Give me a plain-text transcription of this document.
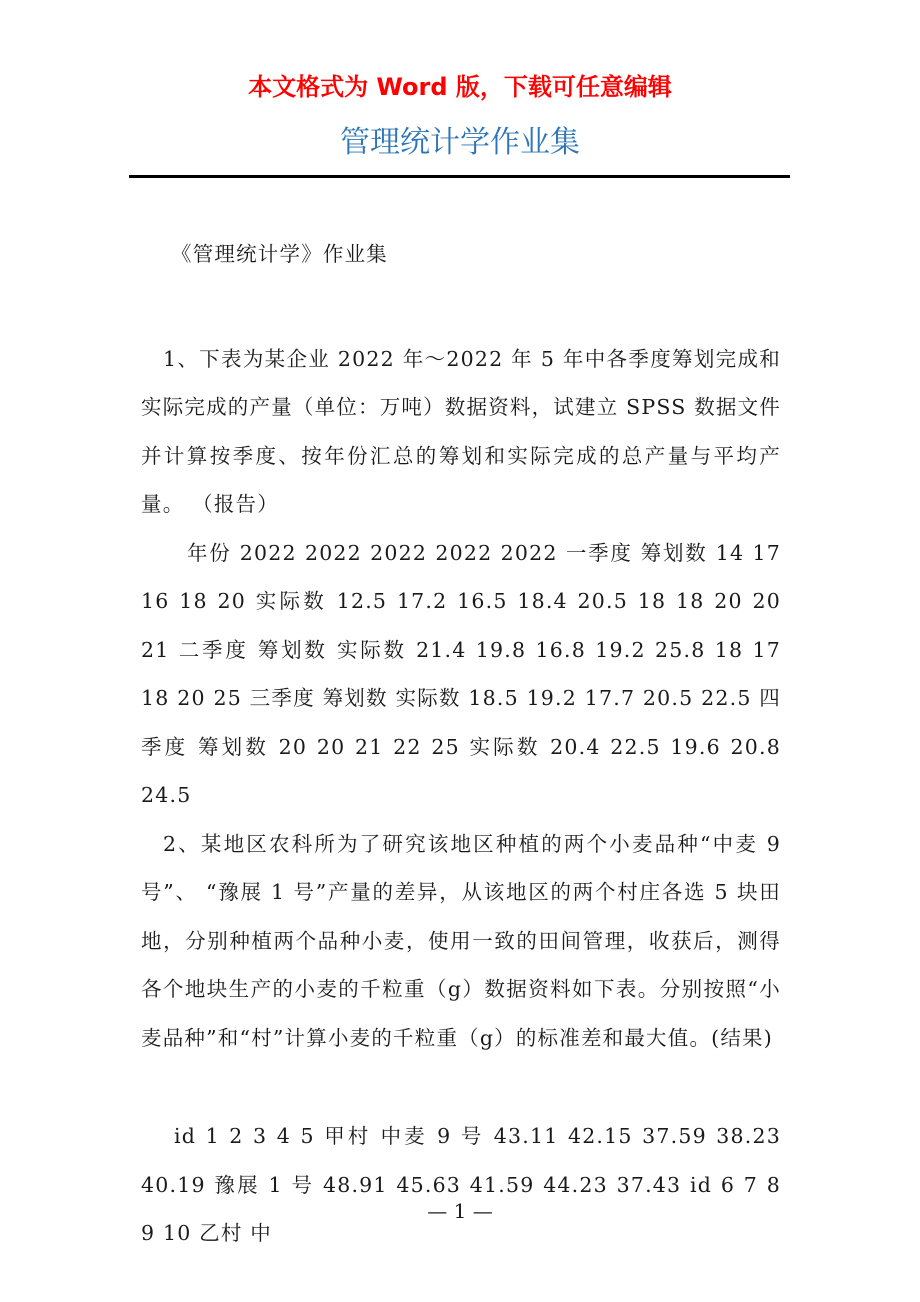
本文格式为 Word 版，下载可任意编辑
管理统计学作业集

《管理统计学》作业集

1、下表为某企业 2022 年～2022 年 5 年中各季度筹划完成和实际完成的产量（单位：万吨）数据资料，试建立 SPSS 数据文件并计算按季度、按年份汇总的筹划和实际完成的总产量与平均产量。 （报告）

年份 2022 2022 2022 2022 2022 一季度 筹划数 14 17 16 18 20 实际数 12.5 17.2 16.5 18.4 20.5 18 18 20 20 21 二季度 筹划数 实际数 21.4 19.8 16.8 19.2 25.8 18 17 18 20 25 三季度 筹划数 实际数 18.5 19.2 17.7 20.5 22.5 四季度 筹划数 20 20 21 22 25 实际数 20.4 22.5 19.6 20.8 24.5

2、某地区农科所为了研究该地区种植的两个小麦品种“中麦 9 号”、 “豫展 1 号”产量的差异，从该地区的两个村庄各选 5 块田地，分别种植两个品种小麦，使用一致的田间管理，收获后，测得各个地块生产的小麦的千粒重（g）数据资料如下表。分别按照“小麦品种”和“村”计算小麦的千粒重（g）的标准差和最大值。(结果)

id 1 2 3 4 5 甲村 中麦 9 号 43.11 42.15 37.59 38.23 40.19 豫展 1 号 48.91 45.63 41.59 44.23 37.43 id 6 7 8 9 10 乙村 中

— 1 —
